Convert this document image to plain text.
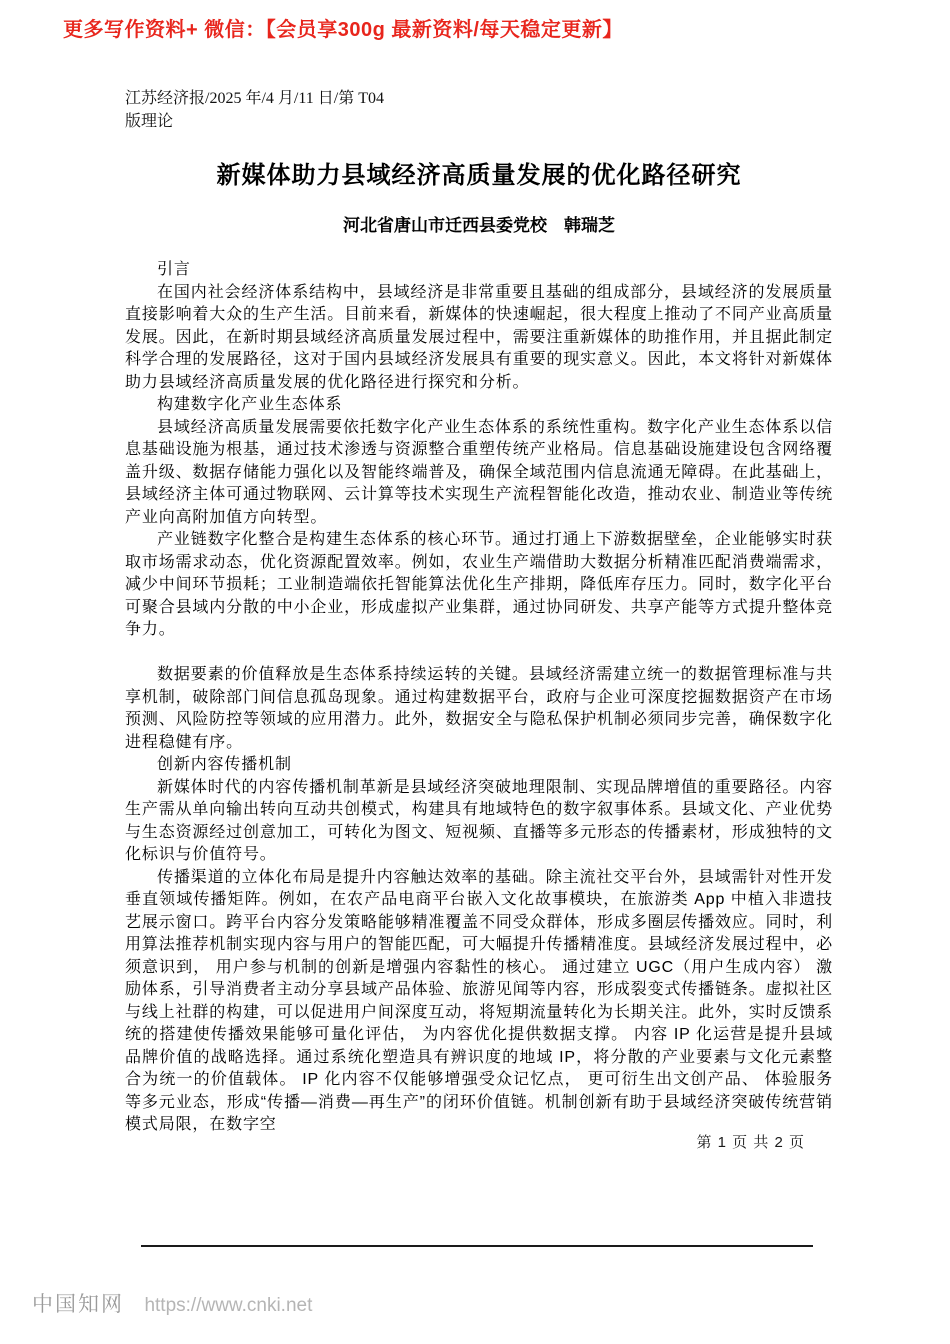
更多写作资料+ 微信：【会员享300g 最新资料/每天稳定更新】
江苏经济报/2025 年/4 月/11 日/第 T04
版理论
新媒体助力县域经济高质量发展的优化路径研究
河北省唐山市迁西县委党校　韩瑞芝

引言

在国内社会经济体系结构中，县域经济是非常重要且基础的组成部分，县域经济的发展质量直接影响着大众的生产生活。目前来看，新媒体的快速崛起，很大程度上推动了不同产业高质量发展。因此，在新时期县域经济高质量发展过程中，需要注重新媒体的助推作用，并且据此制定科学合理的发展路径，这对于国内县域经济发展具有重要的现实意义。因此，本文将针对新媒体助力县域经济高质量发展的优化路径进行探究和分析。

构建数字化产业生态体系

县域经济高质量发展需要依托数字化产业生态体系的系统性重构。数字化产业生态体系以信息基础设施为根基，通过技术渗透与资源整合重塑传统产业格局。信息基础设施建设包含网络覆盖升级、数据存储能力强化以及智能终端普及，确保全域范围内信息流通无障碍。在此基础上，县域经济主体可通过物联网、云计算等技术实现生产流程智能化改造，推动农业、制造业等传统产业向高附加值方向转型。

产业链数字化整合是构建生态体系的核心环节。通过打通上下游数据壁垒，企业能够实时获取市场需求动态，优化资源配置效率。例如，农业生产端借助大数据分析精准匹配消费端需求，减少中间环节损耗；工业制造端依托智能算法优化生产排期，降低库存压力。同时，数字化平台可聚合县域内分散的中小企业，形成虚拟产业集群，通过协同研发、共享产能等方式提升整体竞争力。

数据要素的价值释放是生态体系持续运转的关键。县域经济需建立统一的数据管理标准与共享机制，破除部门间信息孤岛现象。通过构建数据平台，政府与企业可深度挖掘数据资产在市场预测、风险防控等领域的应用潜力。此外，数据安全与隐私保护机制必须同步完善，确保数字化进程稳健有序。

创新内容传播机制

新媒体时代的内容传播机制革新是县域经济突破地理限制、实现品牌增值的重要路径。内容生产需从单向输出转向互动共创模式，构建具有地域特色的数字叙事体系。县域文化、产业优势与生态资源经过创意加工，可转化为图文、短视频、直播等多元形态的传播素材，形成独特的文化标识与价值符号。

传播渠道的立体化布局是提升内容触达效率的基础。除主流社交平台外，县域需针对性开发垂直领域传播矩阵。例如，在农产品电商平台嵌入文化故事模块，在旅游类 App 中植入非遗技艺展示窗口。跨平台内容分发策略能够精准覆盖不同受众群体，形成多圈层传播效应。同时，利用算法推荐机制实现内容与用户的智能匹配，可大幅提升传播精准度。县域经济发展过程中，必须意识到， 用户参与机制的创新是增强内容黏性的核心。 通过建立 UGC（用户生成内容） 激励体系，引导消费者主动分享县域产品体验、旅游见闻等内容，形成裂变式传播链条。虚拟社区与线上社群的构建，可以促进用户间深度互动，将短期流量转化为长期关注。此外，实时反馈系统的搭建使传播效果能够可量化评估， 为内容优化提供数据支撑。 内容 IP 化运营是提升县域品牌价值的战略选择。通过系统化塑造具有辨识度的地域 IP，将分散的产业要素与文化元素整合为统一的价值载体。 IP 化内容不仅能够增强受众记忆点， 更可衍生出文创产品、 体验服务等多元业态，形成“传播—消费—再生产”的闭环价值链。机制创新有助于县域经济突破传统营销模式局限，在数字空

第 1 页 共 2 页
中国知网 https://www.cnki.net
